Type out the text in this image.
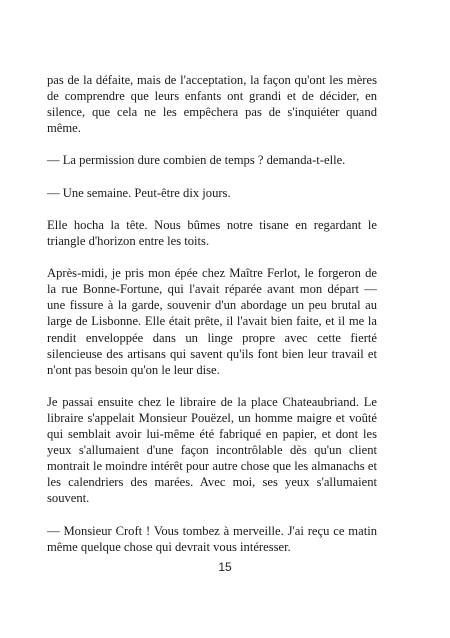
pas de la défaite, mais de l'acceptation, la façon qu'ont les mères de comprendre que leurs enfants ont grandi et de décider, en silence, que cela ne les empêchera pas de s'inquiéter quand même.

— La permission dure combien de temps ? demanda-t-elle.

— Une semaine. Peut-être dix jours.

Elle hocha la tête. Nous bûmes notre tisane en regardant le triangle d'horizon entre les toits.

Après-midi, je pris mon épée chez Maître Ferlot, le forgeron de la rue Bonne-Fortune, qui l'avait réparée avant mon départ — une fissure à la garde, souvenir d'un abordage un peu brutal au large de Lisbonne. Elle était prête, il l'avait bien faite, et il me la rendit enveloppée dans un linge propre avec cette fierté silencieuse des artisans qui savent qu'ils font bien leur travail et n'ont pas besoin qu'on le leur dise.

Je passai ensuite chez le libraire de la place Chateaubriand. Le libraire s'appelait Monsieur Pouëzel, un homme maigre et voûté qui semblait avoir lui-même été fabriqué en papier, et dont les yeux s'allumaient d'une façon incontrôlable dès qu'un client montrait le moindre intérêt pour autre chose que les almanachs et les calendriers des marées. Avec moi, ses yeux s'allumaient souvent.

— Monsieur Croft ! Vous tombez à merveille. J'ai reçu ce matin même quelque chose qui devrait vous intéresser.

15
